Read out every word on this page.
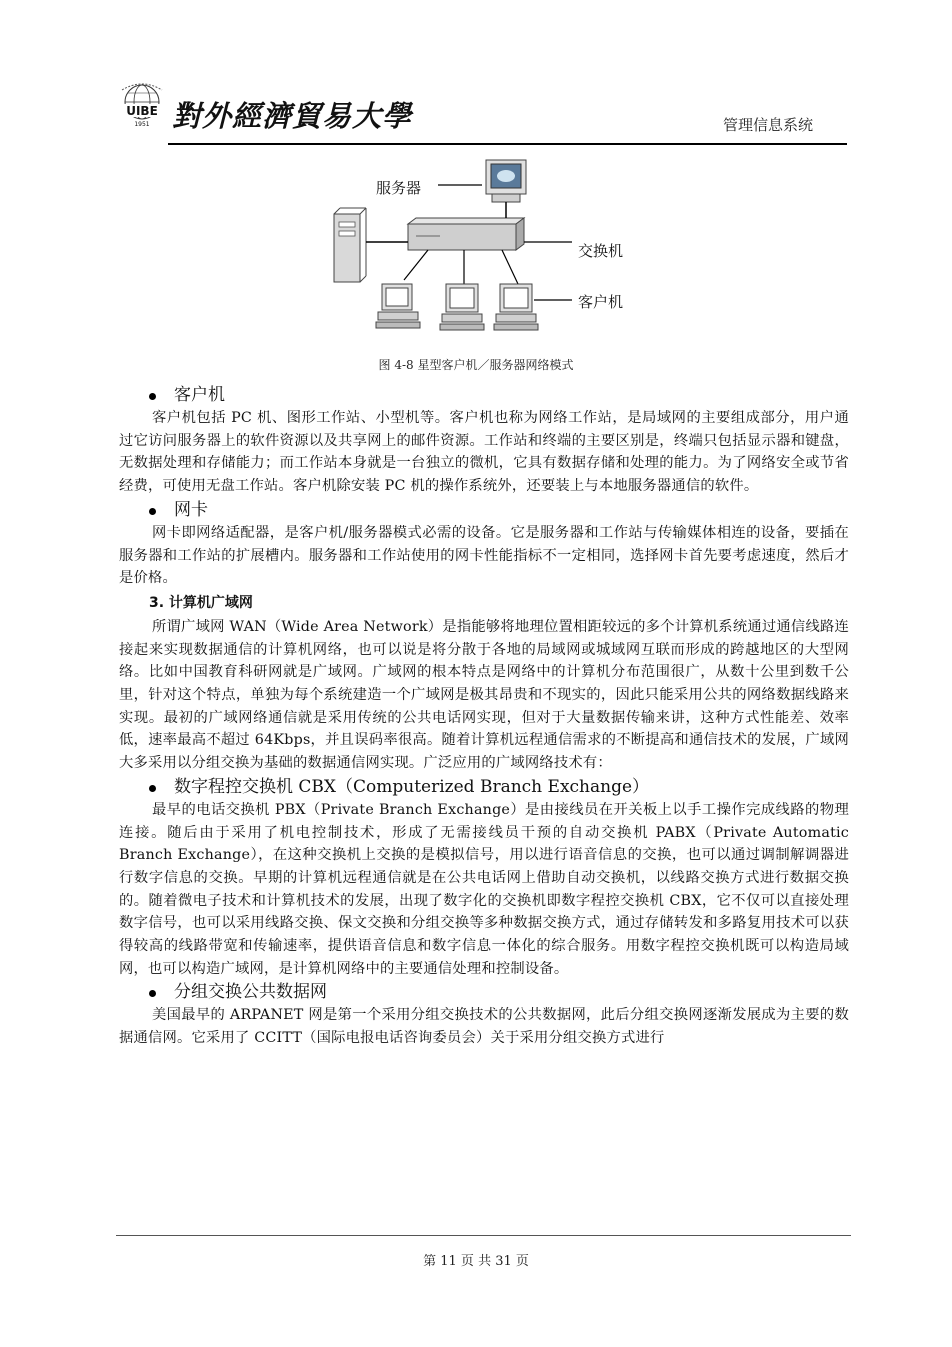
UIBE
1951 對外經濟貿易大學	管理信息系统
服务器
交换机
客户机
图 4-8 星型客户机／服务器网络模式
客户机
客户机包括 PC 机、图形工作站、小型机等。客户机也称为网络工作站，是局域网的主要组成部分，用户通过它访问服务器上的软件资源以及共享网上的邮件资源。工作站和终端的主要区别是，终端只包括显示器和键盘，无数据处理和存储能力；而工作站本身就是一台独立的微机，它具有数据存储和处理的能力。为了网络安全或节省经费，可使用无盘工作站。客户机除安装 PC 机的操作系统外，还要装上与本地服务器通信的软件。
网卡
网卡即网络适配器，是客户机/服务器模式必需的设备。它是服务器和工作站与传输媒体相连的设备，要插在服务器和工作站的扩展槽内。服务器和工作站使用的网卡性能指标不一定相同，选择网卡首先要考虑速度，然后才是价格。
3. 计算机广域网
所谓广域网 WAN（Wide Area Network）是指能够将地理位置相距较远的多个计算机系统通过通信线路连接起来实现数据通信的计算机网络，也可以说是将分散于各地的局域网或城域网互联而形成的跨越地区的大型网络。比如中国教育科研网就是广域网。广域网的根本特点是网络中的计算机分布范围很广，从数十公里到数千公里，针对这个特点，单独为每个系统建造一个广域网是极其昂贵和不现实的，因此只能采用公共的网络数据线路来实现。最初的广域网络通信就是采用传统的公共电话网实现，但对于大量数据传输来讲，这种方式性能差、效率低，速率最高不超过 64Kbps，并且误码率很高。随着计算机远程通信需求的不断提高和通信技术的发展，广域网大多采用以分组交换为基础的数据通信网实现。广泛应用的广域网络技术有：
数字程控交换机 CBX（Computerized Branch Exchange）
最早的电话交换机 PBX（Private Branch Exchange）是由接线员在开关板上以手工操作完成线路的物理连接。随后由于采用了机电控制技术，形成了无需接线员干预的自动交换机 PABX（Private Automatic Branch Exchange），在这种交换机上交换的是模拟信号，用以进行语音信息的交换，也可以通过调制解调器进行数字信息的交换。早期的计算机远程通信就是在公共电话网上借助自动交换机，以线路交换方式进行数据交换的。随着微电子技术和计算机技术的发展，出现了数字化的交换机即数字程控交换机 CBX，它不仅可以直接处理数字信号，也可以采用线路交换、保文交换和分组交换等多种数据交换方式，通过存储转发和多路复用技术可以获得较高的线路带宽和传输速率，提供语音信息和数字信息一体化的综合服务。用数字程控交换机既可以构造局域网，也可以构造广域网，是计算机网络中的主要通信处理和控制设备。
分组交换公共数据网
美国最早的 ARPANET 网是第一个采用分组交换技术的公共数据网，此后分组交换网逐渐发展成为主要的数据通信网。它采用了 CCITT（国际电报电话咨询委员会）关于采用分组交换方式进行
第 11 页 共 31 页
